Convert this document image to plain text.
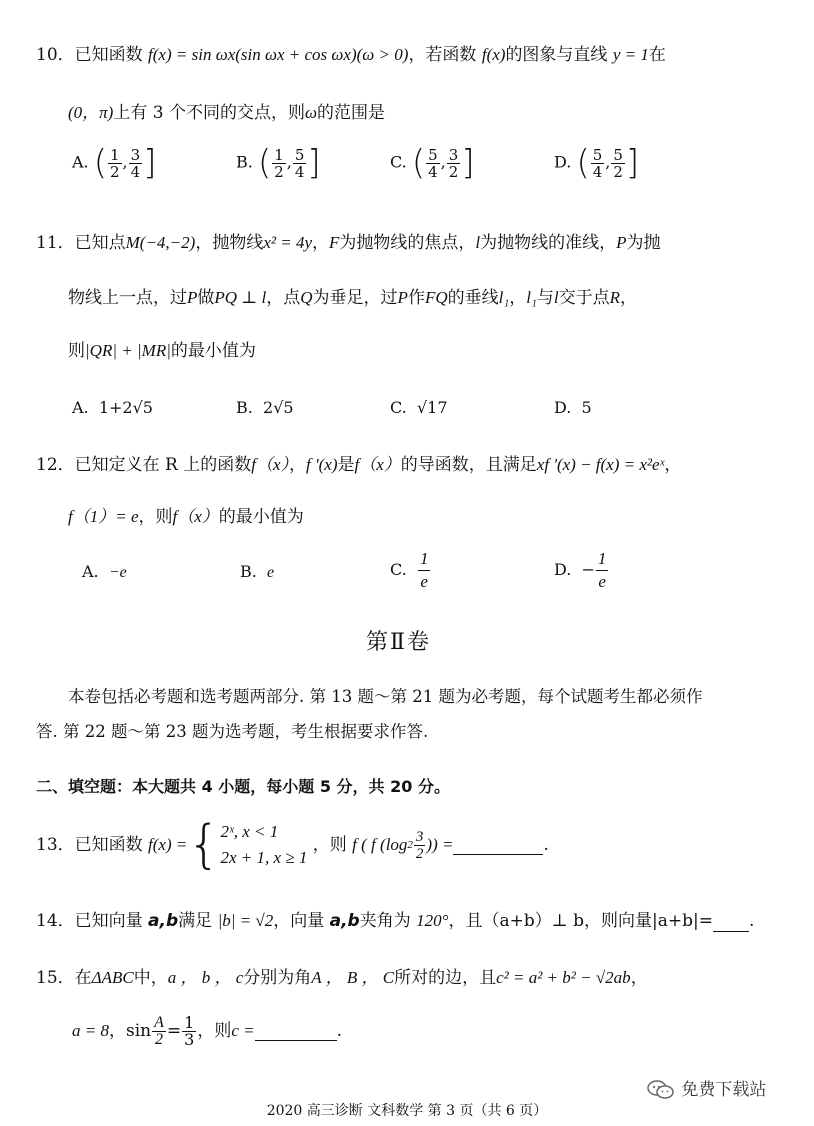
10．已知函数 f(x) = sin ωx(sin ωx + cos ωx)(ω > 0)，若函数 f(x)的图象与直线 y = 1在
(0，π)上有 3 个不同的交点，则ω的范围是
A. ( $\frac{1}{2}$ , $\frac{3}{4}$ ]	B. ( $\frac{1}{2}$ , $\frac{5}{4}$ ]	C. ( $\frac{5}{4}$ , $\frac{3}{2}$ ]	D. ( $\frac{5}{4}$ , $\frac{5}{2}$ ]
11．已知点M(−4,−2)，抛物线x² = 4y，F为抛物线的焦点，l为抛物线的准线，P为抛
物线上一点，过P做PQ ⊥ l，点Q为垂足，过P作FQ的垂线l₁，l₁与l交于点R，
则|QR| + |MR|的最小值为
A. 1+2√5	B. 2√5	C. √17	D. 5
12．已知定义在 R 上的函数f（x），f '(x)是f（x）的导函数，且满足xf '(x) − f(x) = x²eˣ，
f（1）= e，则f（x）的最小值为
A. −e	B. e	C. $\frac{1}{e}$	D. − $\frac{1}{e}$
第Ⅱ卷
本卷包括必考题和选考题两部分. 第 13 题～第 21 题为必考题，每个试题考生都必须作
答. 第 22 题～第 23 题为选考题，考生根据要求作答.
二、填空题：本大题共 4 小题，每小题 5 分，共 20 分。
13． 已知函数
f(x) = { 2ˣ, x < 1
2x + 1, x ≥ 1

，则
f ( f (log $2 \frac{3}{2}$ )) =	.
14．已知向量 a,b满足 |b| = √2，向量 a,b夹角为 120°，且（a+b）⊥ b，则向量|a+b|= .
15．在ΔABC中，a ， b ， c分别为角A ， B ， C所对的边，且c² = a² + b² − √2ab，
a = 8 ， $\sin \frac{A}{2} = \frac{1}{3}$ ，则 c =	.
免费下载站
2020 高三诊断 文科数学 第 3 页（共 6 页）
